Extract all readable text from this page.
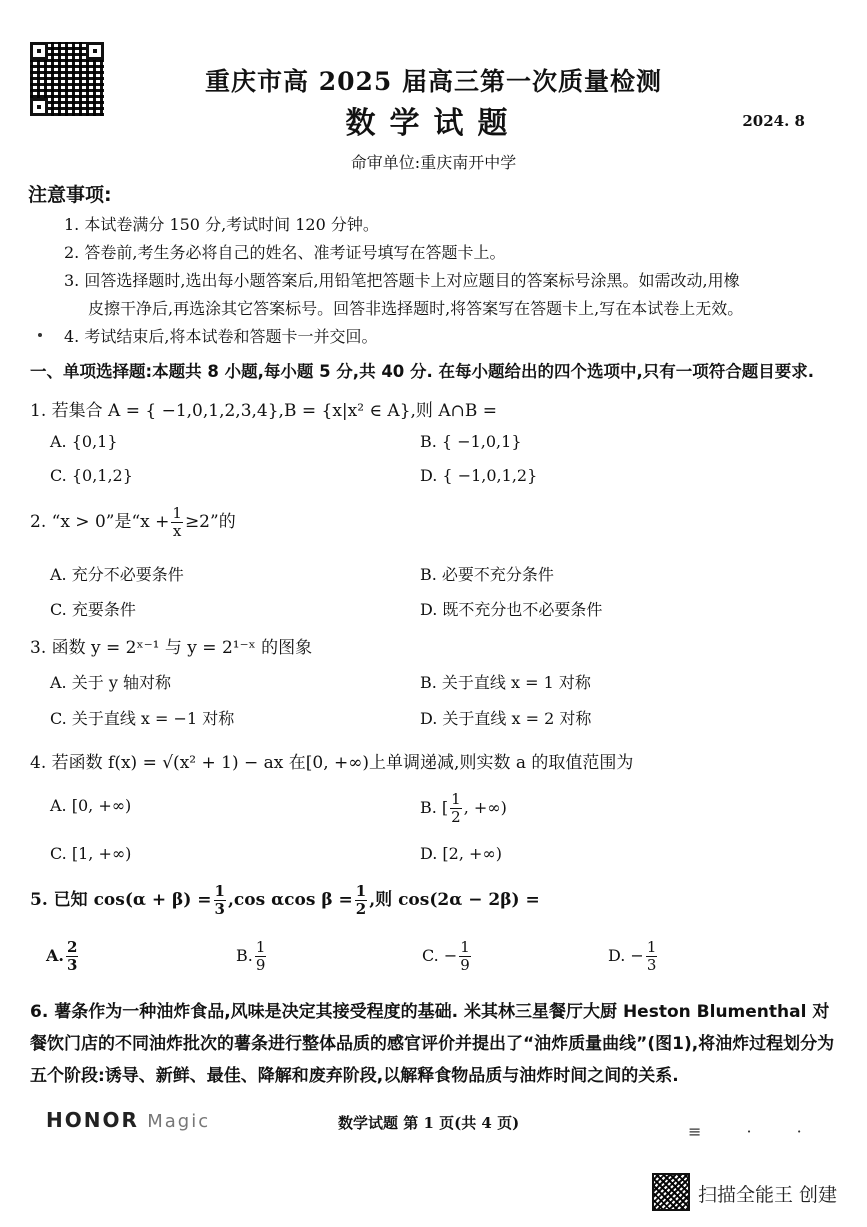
重庆市高 2025 届高三第一次质量检测
数学试题	2024. 8
命审单位:重庆南开中学
注意事项:
1. 本试卷满分 150 分,考试时间 120 分钟。
2. 答卷前,考生务必将自己的姓名、准考证号填写在答题卡上。
3. 回答选择题时,选出每小题答案后,用铅笔把答题卡上对应题目的答案标号涂黑。如需改动,用橡
皮擦干净后,再选涂其它答案标号。回答非选择题时,将答案写在答题卡上,写在本试卷上无效。
4. 考试结束后,将本试卷和答题卡一并交回。
一、单项选择题:本题共 8 小题,每小题 5 分,共 40 分. 在每小题给出的四个选项中,只有一项符合题目要求.
1. 若集合 A = { −1,0,1,2,3,4},B = {x|x² ∈ A},则 A∩B =
A. {0,1}	B. { −1,0,1}
C. {0,1,2}	D. { −1,0,1,2}
2. “x > 0”是“$x + \frac{1}{x} \ge 2$”的
A. 充分不必要条件	B. 必要不充分条件
C. 充要条件	D. 既不充分也不必要条件
3. 函数 y = 2ˣ⁻¹ 与 y = 2¹⁻ˣ 的图象
A. 关于 y 轴对称	B. 关于直线 x = 1 对称
C. 关于直线 x = −1 对称	D. 关于直线 x = 2 对称
4. 若函数 f(x) = √(x² + 1) − ax 在[0, +∞)上单调递减,则实数 a 的取值范围为
A. [0, +∞)	B. [ $\frac{1}{2}$ , +∞)
C. [1, +∞)	D. [2, +∞)
5. 已知 $\cos(\alpha + \beta) = \frac{1}{3} ,\cos$ αcos $\beta = \frac{1}{2}$ ,则 cos(2α − 2β) =
A. $\frac{2}{3}$	B. $\frac{1}{9}$	C. − $\frac{1}{9}$	D. − $\frac{1}{3}$
6. 薯条作为一种油炸食品,风味是决定其接受程度的基础. 米其林三星餐厅大厨 Heston Blumenthal 对餐饮门店的不同油炸批次的薯条进行整体品质的感官评价并提出了“油炸质量曲线”(图1),将油炸过程划分为五个阶段:诱导、新鲜、最佳、降解和废弃阶段,以解释食物品质与油炸时间之间的关系.
HONOR Magic	数学试题 第 1 页(共 4 页)	≡ · ·
扫描全能王 创建
